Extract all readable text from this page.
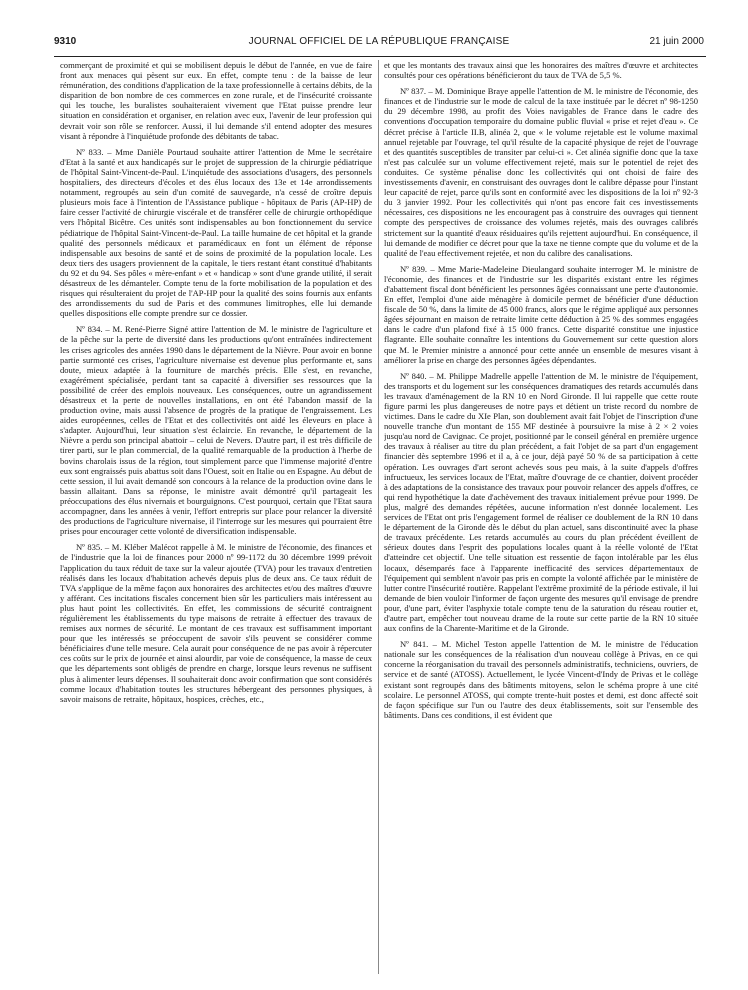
9310	JOURNAL OFFICIEL DE LA RÉPUBLIQUE FRANÇAISE	21 juin 2000

commerçant de proximité et qui se mobilisent depuis le début de l'année, en vue de faire front aux menaces qui pèsent sur eux. En effet, compte tenu : de la baisse de leur rémunération, des conditions d'application de la taxe professionnelle à certains débits, de la disparition de bon nombre de ces commerces en zone rurale, et de l'insécurité croissante qui les touche, les buralistes souhaiteraient vivement que l'Etat puisse prendre leur situation en considération et organiser, en relation avec eux, l'avenir de leur profession qui devrait voir son rôle se renforcer. Aussi, il lui demande s'il entend adopter des mesures visant à répondre à l'inquiétude profonde des débitants de tabac.

Nº 833. – Mme Danièle Pourtaud souhaite attirer l'attention de Mme le secrétaire d'Etat à la santé et aux handicapés sur le projet de suppression de la chirurgie pédiatrique de l'hôpital Saint-Vincent-de-Paul. L'inquiétude des associations d'usagers, des personnels hospitaliers, des directeurs d'écoles et des élus locaux des 13e et 14e arrondissements notamment, regroupés au sein d'un comité de sauvegarde, n'a cessé de croître depuis plusieurs mois face à l'intention de l'Assistance publique - hôpitaux de Paris (AP-HP) de faire cesser l'activité de chirurgie viscérale et de transférer celle de chirurgie orthopédique vers l'hôpital Bicêtre. Ces unités sont indispensables au bon fonctionnement du service pédiatrique de l'hôpital Saint-Vincent-de-Paul. La taille humaine de cet hôpital et la grande qualité des personnels médicaux et paramédicaux en font un élément de réponse indispensable aux besoins de santé et de soins de proximité de la population locale. Les deux tiers des usagers proviennent de la capitale, le tiers restant étant constitué d'habitants du 92 et du 94. Ses pôles « mère-enfant » et « handicap » sont d'une grande utilité, il serait désastreux de les démanteler. Compte tenu de la forte mobilisation de la population et des risques qui résulteraient du projet de l'AP-HP pour la qualité des soins fournis aux enfants des arrondissements du sud de Paris et des communes limitrophes, elle lui demande quelles dispositions elle compte prendre sur ce dossier.

Nº 834. – M. René-Pierre Signé attire l'attention de M. le ministre de l'agriculture et de la pêche sur la perte de diversité dans les productions qu'ont entraînées indirectement les crises agricoles des années 1990 dans le département de la Nièvre. Pour avoir en bonne partie surmonté ces crises, l'agriculture nivernaise est devenue plus performante et, sans doute, mieux adaptée à la fourniture de marchés précis. Elle s'est, en revanche, exagérément spécialisée, perdant tant sa capacité à diversifier ses ressources que la possibilité de créer des emplois nouveaux. Les conséquences, outre un agrandissement désastreux et la perte de nouvelles installations, en ont été l'abandon massif de la production ovine, mais aussi l'absence de progrès de la pratique de l'engraissement. Les aides européennes, celles de l'Etat et des collectivités ont aidé les éleveurs en place à s'adapter. Aujourd'hui, leur situation s'est éclaircie. En revanche, le département de la Nièvre a perdu son principal abattoir – celui de Nevers. D'autre part, il est très difficile de tirer parti, sur le plan commercial, de la qualité remarquable de la production à l'herbe de bovins charolais issus de la région, tout simplement parce que l'immense majorité d'entre eux sont engraissés puis abattus soit dans l'Ouest, soit en Italie ou en Espagne. Au début de cette session, il lui avait demandé son concours à la relance de la production ovine dans le bassin allaitant. Dans sa réponse, le ministre avait démontré qu'il partageait les préoccupations des élus nivernais et bourguignons. C'est pourquoi, certain que l'Etat saura accompagner, dans les années à venir, l'effort entrepris sur place pour relancer la diversité des productions de l'agriculture nivernaise, il l'interroge sur les mesures qui pourraient être prises pour encourager cette volonté de diversification indispensable.

Nº 835. – M. Kléber Malécot rappelle à M. le ministre de l'économie, des finances et de l'industrie que la loi de finances pour 2000 nº 99-1172 du 30 décembre 1999 prévoit l'application du taux réduit de taxe sur la valeur ajoutée (TVA) pour les travaux d'entretien réalisés dans les locaux d'habitation achevés depuis plus de deux ans. Ce taux réduit de TVA s'applique de la même façon aux honoraires des architectes et/ou des maîtres d'œuvre y afférant. Ces incitations fiscales concernent bien sûr les particuliers mais intéressent au plus haut point les collectivités. En effet, les commissions de sécurité contraignent régulièrement les établissements du type maisons de retraite à effectuer des travaux de remises aux normes de sécurité. Le montant de ces travaux est suffisamment important pour que les intéressés se préoccupent de savoir s'ils peuvent se considérer comme bénéficiaires d'une telle mesure. Cela aurait pour conséquence de ne pas avoir à répercuter ces coûts sur le prix de journée et ainsi alourdir, par voie de conséquence, la masse de ceux que les départements sont obligés de prendre en charge, lorsque leurs revenus ne suffisent plus à alimenter leurs dépenses. Il souhaiterait donc avoir confirmation que sont considérés comme locaux d'habitation toutes les structures hébergeant des personnes physiques, à savoir maisons de retraite, hôpitaux, hospices, crèches, etc.,

et que les montants des travaux ainsi que les honoraires des maîtres d'œuvre et architectes consultés pour ces opérations bénéficieront du taux de TVA de 5,5 %.

Nº 837. – M. Dominique Braye appelle l'attention de M. le ministre de l'économie, des finances et de l'industrie sur le mode de calcul de la taxe instituée par le décret nº 98-1250 du 29 décembre 1998, au profit des Voies navigables de France dans le cadre des conventions d'occupation temporaire du domaine public fluvial « prise et rejet d'eau ». Ce décret précise à l'article II.B, alinéa 2, que « le volume rejetable est le volume maximal annuel rejetable par l'ouvrage, tel qu'il résulte de la capacité physique de rejet de l'ouvrage et des quantités susceptibles de transiter par celui-ci ». Cet alinéa signifie donc que la taxe n'est pas calculée sur un volume effectivement rejeté, mais sur le potentiel de rejet des conduites. Ce système pénalise donc les collectivités qui ont choisi de faire des investissements d'avenir, en construisant des ouvrages dont le calibre dépasse pour l'instant leur capacité de rejet, parce qu'ils sont en conformité avec les dispositions de la loi nº 92-3 du 3 janvier 1992. Pour les collectivités qui n'ont pas encore fait ces investissements nécessaires, ces dispositions ne les encouragent pas à construire des ouvrages qui tiennent compte des perspectives de croissance des volumes rejetés, mais des ouvrages calibrés strictement sur la quantité d'eaux résiduaires qu'ils rejettent aujourd'hui. En conséquence, il lui demande de modifier ce décret pour que la taxe ne tienne compte que du volume et de la qualité de l'eau effectivement rejetée, et non du calibre des canalisations.

Nº 839. – Mme Marie-Madeleine Dieulangard souhaite interroger M. le ministre de l'économie, des finances et de l'industrie sur les disparités existant entre les régimes d'abattement fiscal dont bénéficient les personnes âgées connaissant une perte d'autonomie. En effet, l'emploi d'une aide ménagère à domicile permet de bénéficier d'une déduction fiscale de 50 %, dans la limite de 45 000 francs, alors que le régime appliqué aux personnes âgées séjournant en maison de retraite limite cette déduction à 25 % des sommes engagées dans le cadre d'un plafond fixé à 15 000 francs. Cette disparité constitue une injustice flagrante. Elle souhaite connaître les intentions du Gouvernement sur cette question alors que M. le Premier ministre a annoncé pour cette année un ensemble de mesures visant à améliorer la prise en charge des personnes âgées dépendantes.

Nº 840. – M. Philippe Madrelle appelle l'attention de M. le ministre de l'équipement, des transports et du logement sur les conséquences dramatiques des retards accumulés dans les travaux d'aménagement de la RN 10 en Nord Gironde. Il lui rappelle que cette route figure parmi les plus dangereuses de notre pays et détient un triste record du nombre de victimes. Dans le cadre du XIe Plan, son doublement avait fait l'objet de l'inscription d'une nouvelle tranche d'un montant de 155 MF destinée à poursuivre la mise à 2 × 2 voies jusqu'au nord de Cavignac. Ce projet, positionné par le conseil général en première urgence des travaux à réaliser au titre du plan précédent, a fait l'objet de sa part d'un engagement financier dès septembre 1996 et il a, à ce jour, déjà payé 50 % de sa participation à cette opération. Les ouvrages d'art seront achevés sous peu mais, à la suite d'appels d'offres infructueux, les services locaux de l'Etat, maître d'ouvrage de ce chantier, doivent procéder à des adaptations de la consistance des travaux pour pouvoir relancer des appels d'offres, ce qui rend hypothétique la date d'achèvement des travaux initialement prévue pour 1999. De plus, malgré des demandes répétées, aucune information n'est donnée localement. Les services de l'Etat ont pris l'engagement formel de réaliser ce doublement de la RN 10 dans le département de la Gironde dès le début du plan actuel, sans discontinuité avec la phase de travaux précédente. Les retards accumulés au cours du plan précédent éveillent de sérieux doutes dans l'esprit des populations locales quant à la réelle volonté de l'Etat d'atteindre cet objectif. Une telle situation est ressentie de façon intolérable par les élus locaux, désemparés face à l'apparente inefficacité des services départementaux de l'équipement qui semblent n'avoir pas pris en compte la volonté affichée par le ministère de lutter contre l'insécurité routière. Rappelant l'extrême proximité de la période estivale, il lui demande de bien vouloir l'informer de façon urgente des mesures qu'il envisage de prendre pour, d'une part, éviter l'asphyxie totale compte tenu de la saturation du réseau routier et, d'autre part, empêcher tout nouveau drame de la route sur cette partie de la RN 10 située aux confins de la Charente-Maritime et de la Gironde.

Nº 841. – M. Michel Teston appelle l'attention de M. le ministre de l'éducation nationale sur les conséquences de la réalisation d'un nouveau collège à Privas, en ce qui concerne la réorganisation du travail des personnels administratifs, techniciens, ouvriers, de service et de santé (ATOSS). Actuellement, le lycée Vincent-d'Indy de Privas et le collège existant sont regroupés dans des bâtiments mitoyens, selon le schéma propre à une cité scolaire. Le personnel ATOSS, qui compte trente-huit postes et demi, est donc affecté soit de façon spécifique sur l'un ou l'autre des deux établissements, soit sur l'ensemble des bâtiments. Dans ces conditions, il est évident que
